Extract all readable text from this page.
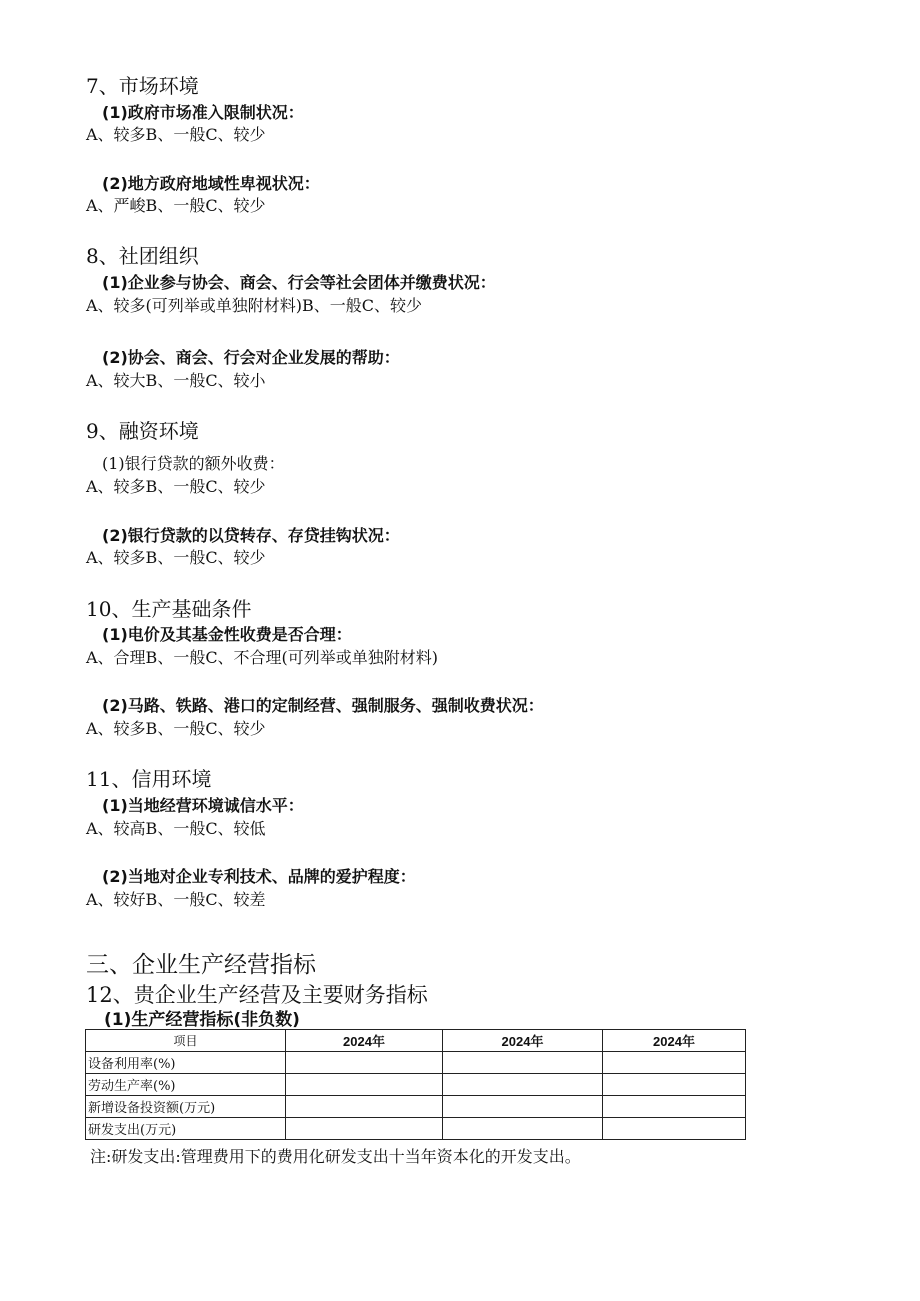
7、市场环境
(1)政府市场准入限制状况：
A、较多B、一般C、较少
(2)地方政府地域性卑视状况：
A、严峻B、一般C、较少
8、社团组织
(1)企业参与协会、商会、行会等社会团体并缴费状况：
A、较多(可列举或单独附材料)B、一般C、较少
(2)协会、商会、行会对企业发展的帮助：
A、较大B、一般C、较小
9、融资环境
(1)银行贷款的额外收费：
A、较多B、一般C、较少
(2)银行贷款的以贷转存、存贷挂钩状况：
A、较多B、一般C、较少
10、生产基础条件
(1)电价及其基金性收费是否合理：
A、合理B、一般C、不合理(可列举或单独附材料)
(2)马路、铁路、港口的定制经营、强制服务、强制收费状况：
A、较多B、一般C、较少
11、信用环境
(1)当地经营环境诚信水平：
A、较高B、一般C、较低
(2)当地对企业专利技术、品牌的爱护程度：
A、较好B、一般C、较差
三、企业生产经营指标
12、贵企业生产经营及主要财务指标
(1)生产经营指标(非负数)
项目	2024年	2024年	2024年
设备利用率(%)			
劳动生产率(%)			
新增设备投资额(万元)			
研发支出(万元)			
注:研发支出:管理费用下的费用化研发支出十当年资本化的开发支出。
